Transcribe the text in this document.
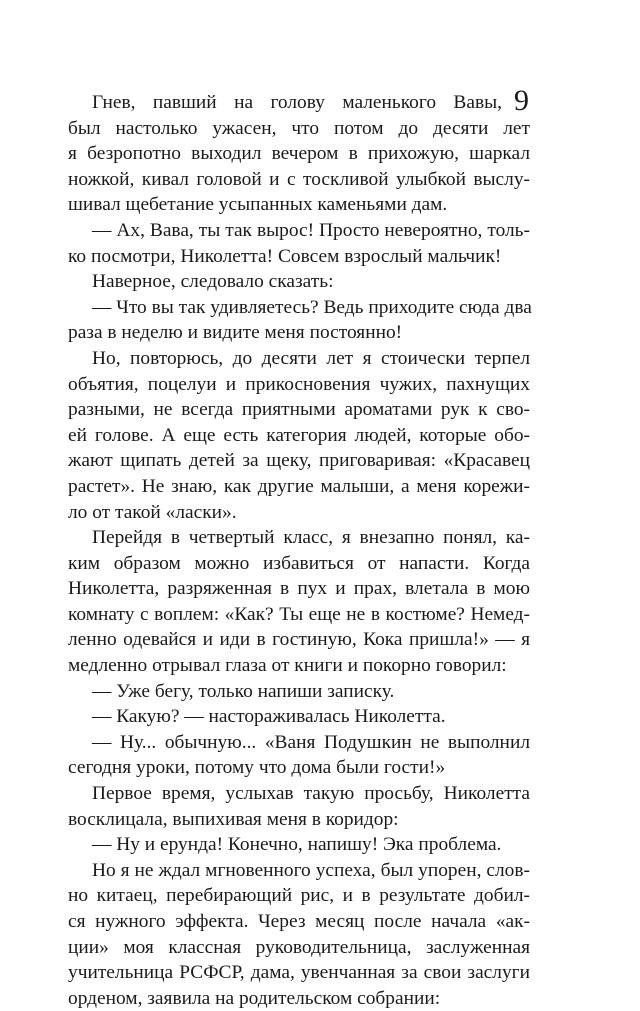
9
Гнев, павший на голову маленького Вавы,
был настолько ужасен, что потом до десяти лет
я безропотно выходил вечером в прихожую, шаркал
ножкой, кивал головой и с тоскливой улыбкой выслу-
шивал щебетание усыпанных каменьями дам.
— Ах, Вава, ты так вырос! Просто невероятно, толь-
ко посмотри, Николетта! Совсем взрослый мальчик!
Наверное, следовало сказать:
— Что вы так удивляетесь? Ведь приходите сюда два
раза в неделю и видите меня постоянно!
Но, повторюсь, до десяти лет я стоически терпел
объятия, поцелуи и прикосновения чужих, пахнущих
разными, не всегда приятными ароматами рук к сво-
ей голове. А еще есть категория людей, которые обо-
жают щипать детей за щеку, приговаривая: «Красавец
растет». Не знаю, как другие малыши, а меня корежи-
ло от такой «ласки».
Перейдя в четвертый класс, я внезапно понял, ка-
ким образом можно избавиться от напасти. Когда
Николетта, разряженная в пух и прах, влетала в мою
комнату с воплем: «Как? Ты еще не в костюме? Немед-
ленно одевайся и иди в гостиную, Кока пришла!» — я
медленно отрывал глаза от книги и покорно говорил:
— Уже бегу, только напиши записку.
— Какую? — настораживалась Николетта.
— Ну... обычную... «Ваня Подушкин не выполнил
сегодня уроки, потому что дома были гости!»
Первое время, услыхав такую просьбу, Николетта
восклицала, выпихивая меня в коридор:
— Ну и ерунда! Конечно, напишу! Эка проблема.
Но я не ждал мгновенного успеха, был упорен, слов-
но китаец, перебирающий рис, и в результате добил-
ся нужного эффекта. Через месяц после начала «ак-
ции» моя классная руководительница, заслуженная
учительница РСФСР, дама, увенчанная за свои заслуги
орденом, заявила на родительском собрании:
